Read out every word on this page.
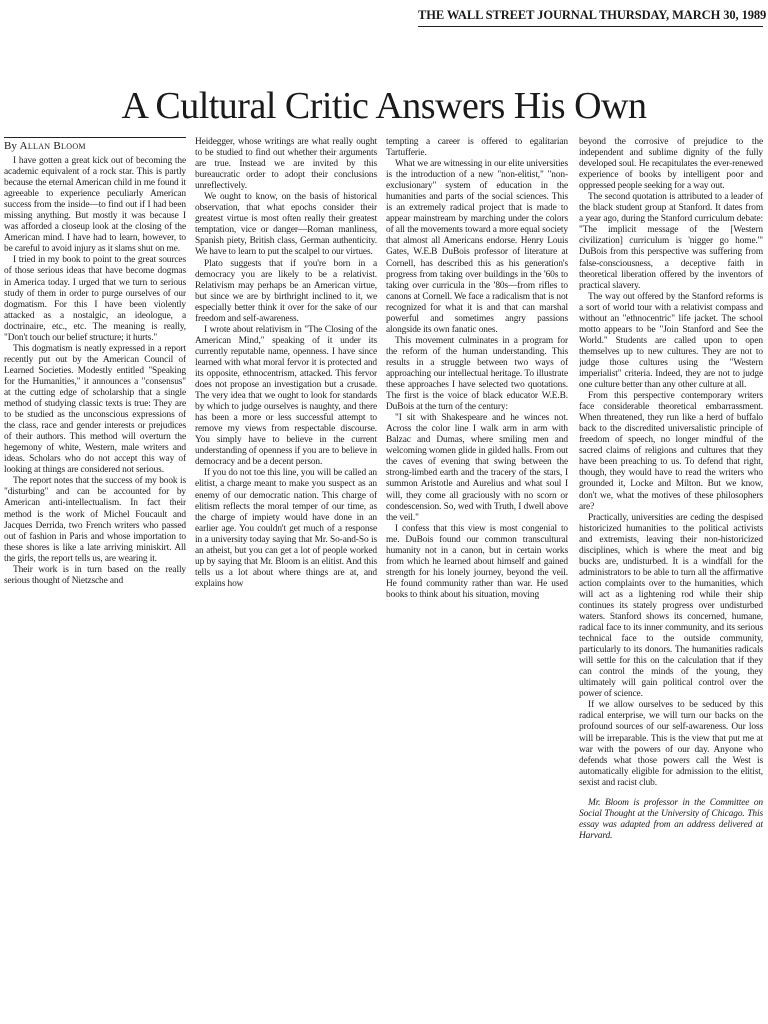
THE WALL STREET JOURNAL THURSDAY, MARCH 30, 1989
A Cultural Critic Answers His Own
By Allan Bloom

I have gotten a great kick out of becoming the academic equivalent of a rock star. This is partly because the eternal American child in me found it agreeable to experience peculiarly American success from the inside—to find out if I had been missing anything. But mostly it was because I was afforded a closeup look at the closing of the American mind. I have had to learn, however, to be careful to avoid injury as it slams shut on me.

I tried in my book to point to the great sources of those serious ideas that have become dogmas in America today. I urged that we turn to serious study of them in order to purge ourselves of our dogmatism. For this I have been violently attacked as a nostalgic, an ideologue, a doctrinaire, etc., etc. The meaning is really, "Don't touch our belief structure; it hurts."

This dogmatism is neatly expressed in a report recently put out by the American Council of Learned Societies. Modestly entitled "Speaking for the Humanities," it announces a "consensus" at the cutting edge of scholarship that a single method of studying classic texts is true: They are to be studied as the unconscious expressions of the class, race and gender interests or prejudices of their authors. This method will overturn the hegemony of white, Western, male writers and ideas. Scholars who do not accept this way of looking at things are considered not serious.

The report notes that the success of my book is "disturbing" and can be accounted for by American anti-intellectualism. In fact their method is the work of Michel Foucault and Jacques Derrida, two French writers who passed out of fashion in Paris and whose importation to these shores is like a late arriving miniskirt. All the girls, the report tells us, are wearing it.

Their work is in turn based on the really serious thought of Nietzsche and

Heidegger, whose writings are what really ought to be studied to find out whether their arguments are true. Instead we are invited by this bureaucratic order to adopt their conclusions unreflectively.

We ought to know, on the basis of historical observation, that what epochs consider their greatest virtue is most often really their greatest temptation, vice or danger—Roman manliness, Spanish piety, British class, German authenticity. We have to learn to put the scalpel to our virtues.

Plato suggests that if you're born in a democracy you are likely to be a relativist. Relativism may perhaps be an American virtue, but since we are by birthright inclined to it, we especially better think it over for the sake of our freedom and self-awareness.

I wrote about relativism in "The Closing of the American Mind," speaking of it under its currently reputable name, openness. I have since learned with what moral fervor it is protected and its opposite, ethnocentrism, attacked. This fervor does not propose an investigation but a crusade. The very idea that we ought to look for standards by which to judge ourselves is naughty, and there has been a more or less successful attempt to remove my views from respectable discourse. You simply have to believe in the current understanding of openness if you are to believe in democracy and be a decent person.

If you do not toe this line, you will be called an elitist, a charge meant to make you suspect as an enemy of our democratic nation. This charge of elitism reflects the moral temper of our time, as the charge of impiety would have done in an earlier age. You couldn't get much of a response in a university today saying that Mr. So-and-So is an atheist, but you can get a lot of people worked up by saying that Mr. Bloom is an elitist. And this tells us a lot about where things are at, and explains how

tempting a career is offered to egalitarian Tartufferie.

What we are witnessing in our elite universities is the introduction of a new "non-elitist," "non-exclusionary" system of education in the humanities and parts of the social sciences. This is an extremely radical project that is made to appear mainstream by marching under the colors of all the movements toward a more equal society that almost all Americans endorse. Henry Louis Gates, W.E.B DuBois professor of literature at Cornell, has described this as his generation's progress from taking over buildings in the '60s to taking over curricula in the '80s—from rifles to canons at Cornell. We face a radicalism that is not recognized for what it is and that can marshal powerful and sometimes angry passions alongside its own fanatic ones.

This movement culminates in a program for the reform of the human understanding. This results in a struggle between two ways of approaching our intellectual heritage. To illustrate these approaches I have selected two quotations. The first is the voice of black educator W.E.B. DuBois at the turn of the century:

"I sit with Shakespeare and he winces not. Across the color line I walk arm in arm with Balzac and Dumas, where smiling men and welcoming women glide in gilded halls. From out the caves of evening that swing between the strong-limbed earth and the tracery of the stars, I summon Aristotle and Aurelius and what soul I will, they come all graciously with no scorn or condescension. So, wed with Truth, I dwell above the veil."

I confess that this view is most congenial to me. DuBois found our common transcultural humanity not in a canon, but in certain works from which he learned about himself and gained strength for his lonely journey, beyond the veil. He found community rather than war. He used books to think about his situation, moving

beyond the corrosive of prejudice to the independent and sublime dignity of the fully developed soul. He recapitulates the ever-renewed experience of books by intelligent poor and oppressed people seeking for a way out.

The second quotation is attributed to a leader of the black student group at Stanford. It dates from a year ago, during the Stanford curriculum debate: "The implicit message of the [Western civilization] curriculum is 'nigger go home.'" DuBois from this perspective was suffering from false-consciousness, a deceptive faith in theoretical liberation offered by the inventors of practical slavery.

The way out offered by the Stanford reforms is a sort of world tour with a relativist compass and without an "ethnocentric" life jacket. The school motto appears to be "Join Stanford and See the World." Students are called upon to open themselves up to new cultures. They are not to judge those cultures using the "Western imperialist" criteria. Indeed, they are not to judge one culture better than any other culture at all.

From this perspective contemporary writers face considerable theoretical embarrassment. When threatened, they run like a herd of buffalo back to the discredited universalistic principle of freedom of speech, no longer mindful of the sacred claims of religions and cultures that they have been preaching to us. To defend that right, though, they would have to read the writers who grounded it, Locke and Milton. But we know, don't we, what the motives of these philosophers are?

Practically, universities are ceding the despised historicized humanities to the political activists and extremists, leaving their non-historicized disciplines, which is where the meat and big bucks are, undisturbed. It is a windfall for the administrators to be able to turn all the affirmative action complaints over to the humanities, which will act as a lightening rod while their ship continues its stately progress over undisturbed waters. Stanford shows its concerned, humane, radical face to its inner community, and its serious technical face to the outside community, particularly to its donors. The humanities radicals will settle for this on the calculation that if they can control the minds of the young, they ultimately will gain political control over the power of science.

If we allow ourselves to be seduced by this radical enterprise, we will turn our backs on the profound sources of our self-awareness. Our loss will be irreparable. This is the view that put me at war with the powers of our day. Anyone who defends what those powers call the West is automatically eligible for admission to the elitist, sexist and racist club.

Mr. Bloom is professor in the Committee on Social Thought at the University of Chicago. This essay was adapted from an address delivered at Harvard.
